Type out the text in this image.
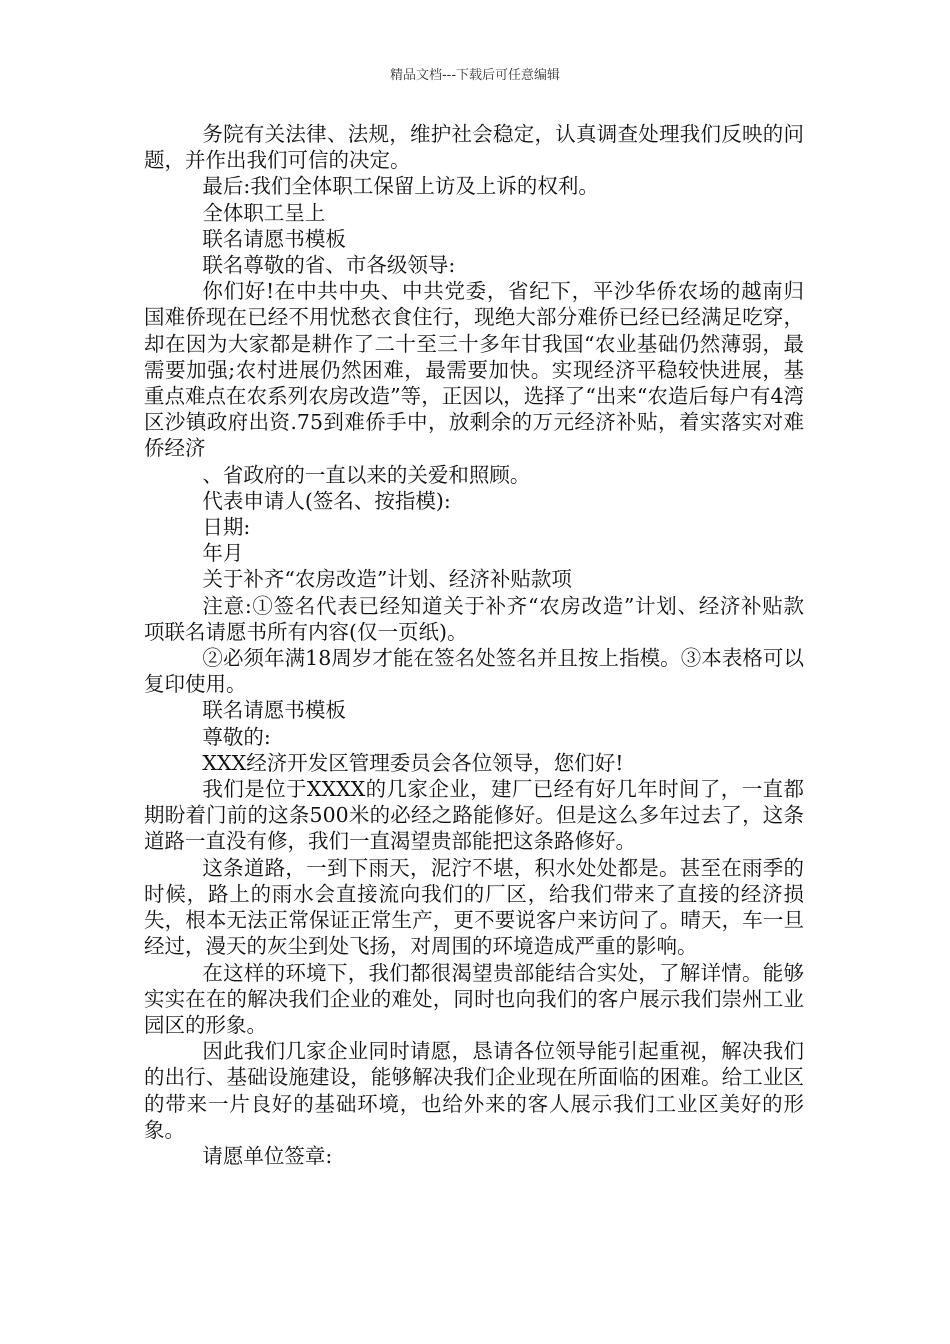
精品文档---下载后可任意编辑

务院有关法律、法规，维护社会稳定，认真调查处理我们反映的问题，并作出我们可信的决定。

最后:我们全体职工保留上访及上诉的权利。

全体职工呈上

联名请愿书模板

联名尊敬的省、市各级领导:

你们好!在中共中央、中共党委，省纪下，平沙华侨农场的越南归国难侨现在已经不用忧愁衣食住行，现绝大部分难侨已经已经满足吃穿，却在因为大家都是耕作了二十至三十多年甘我国“农业基础仍然薄弱，最需要加强;农村进展仍然困难，最需要加快。实现经济平稳较快进展，基重点难点在农系列农房改造”等，正因以，选择了“出来“农造后每户有4湾区沙镇政府出资.75到难侨手中，放剩余的万元经济补贴，着实落实对难侨经济

、省政府的一直以来的关爱和照顾。

代表申请人(签名、按指模):

日期:

年月

关于补齐“农房改造”计划、经济补贴款项

注意:①签名代表已经知道关于补齐“农房改造”计划、经济补贴款项联名请愿书所有内容(仅一页纸)。

②必须年满18周岁才能在签名处签名并且按上指模。③本表格可以复印使用。

联名请愿书模板

尊敬的:

XXX经济开发区管理委员会各位领导，您们好!

我们是位于XXXX的几家企业，建厂已经有好几年时间了，一直都期盼着门前的这条500米的必经之路能修好。但是这么多年过去了，这条道路一直没有修，我们一直渴望贵部能把这条路修好。

这条道路，一到下雨天，泥泞不堪，积水处处都是。甚至在雨季的时候，路上的雨水会直接流向我们的厂区，给我们带来了直接的经济损失，根本无法正常保证正常生产，更不要说客户来访问了。晴天，车一旦经过，漫天的灰尘到处飞扬，对周围的环境造成严重的影响。

在这样的环境下，我们都很渴望贵部能结合实处，了解详情。能够实实在在的解决我们企业的难处，同时也向我们的客户展示我们崇州工业园区的形象。

因此我们几家企业同时请愿，恳请各位领导能引起重视，解决我们的出行、基础设施建设，能够解决我们企业现在所面临的困难。给工业区的带来一片良好的基础环境，也给外来的客人展示我们工业区美好的形象。

请愿单位签章:
